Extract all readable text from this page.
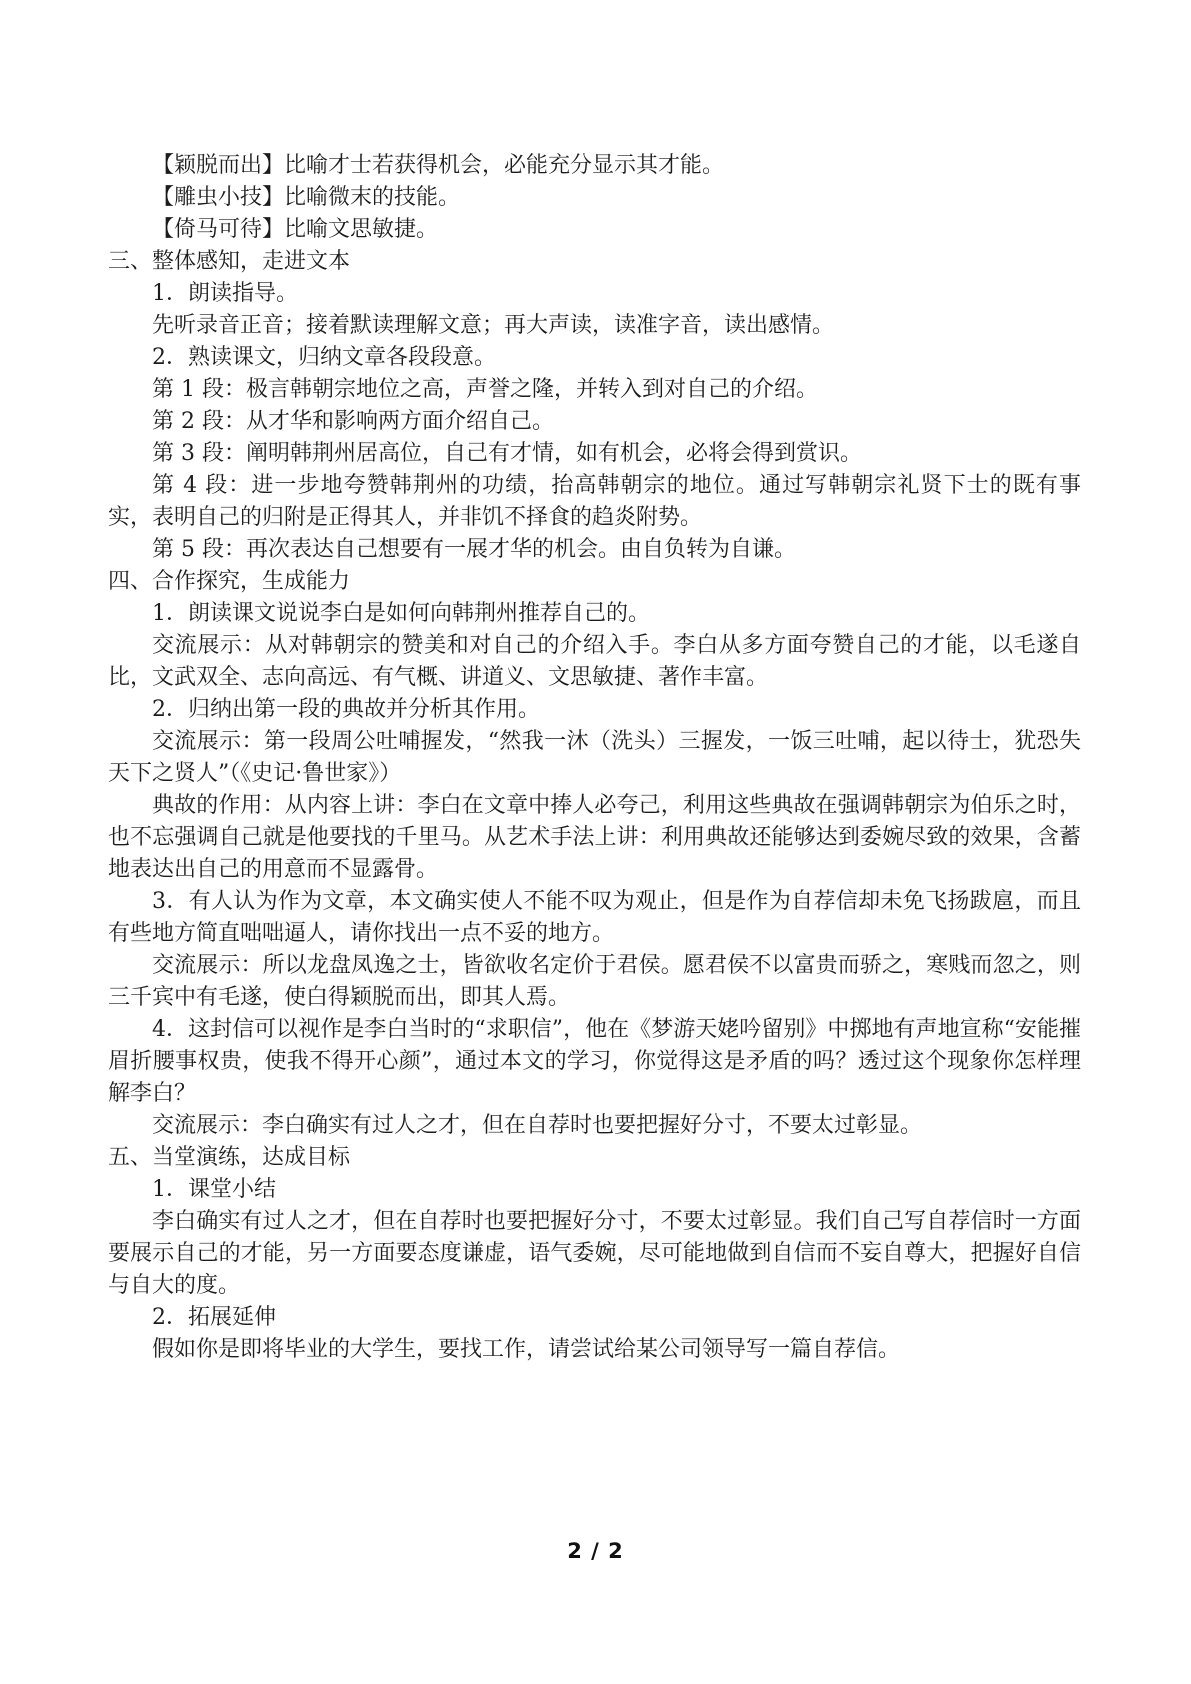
【颖脱而出】比喻才士若获得机会，必能充分显示其才能。

【雕虫小技】比喻微末的技能。

【倚马可待】比喻文思敏捷。

三、整体感知，走进文本

1．朗读指导。

先听录音正音；接着默读理解文意；再大声读，读准字音，读出感情。

2．熟读课文，归纳文章各段段意。

第 1 段：极言韩朝宗地位之高，声誉之隆，并转入到对自己的介绍。

第 2 段：从才华和影响两方面介绍自己。

第 3 段：阐明韩荆州居高位，自己有才情，如有机会，必将会得到赏识。

第 4 段：进一步地夸赞韩荆州的功绩，抬高韩朝宗的地位。通过写韩朝宗礼贤下士的既有事实，表明自己的归附是正得其人，并非饥不择食的趋炎附势。

第 5 段：再次表达自己想要有一展才华的机会。由自负转为自谦。

四、合作探究，生成能力

1．朗读课文说说李白是如何向韩荆州推荐自己的。

交流展示：从对韩朝宗的赞美和对自己的介绍入手。李白从多方面夸赞自己的才能，以毛遂自比，文武双全、志向高远、有气概、讲道义、文思敏捷、著作丰富。

2．归纳出第一段的典故并分析其作用。

交流展示：第一段周公吐哺握发，“然我一沐（洗头）三握发，一饭三吐哺，起以待士，犹恐失天下之贤人”（《史记·鲁世家》）

典故的作用：从内容上讲：李白在文章中捧人必夸己，利用这些典故在强调韩朝宗为伯乐之时，也不忘强调自己就是他要找的千里马。从艺术手法上讲：利用典故还能够达到委婉尽致的效果，含蓄地表达出自己的用意而不显露骨。

3．有人认为作为文章，本文确实使人不能不叹为观止，但是作为自荐信却未免飞扬跋扈，而且有些地方简直咄咄逼人，请你找出一点不妥的地方。

交流展示：所以龙盘凤逸之士，皆欲收名定价于君侯。愿君侯不以富贵而骄之，寒贱而忽之，则三千宾中有毛遂，使白得颖脱而出，即其人焉。

4．这封信可以视作是李白当时的“求职信”，他在《梦游天姥吟留别》中掷地有声地宣称“安能摧眉折腰事权贵，使我不得开心颜”，通过本文的学习，你觉得这是矛盾的吗？透过这个现象你怎样理解李白？

交流展示：李白确实有过人之才，但在自荐时也要把握好分寸，不要太过彰显。

五、当堂演练，达成目标

1．课堂小结

李白确实有过人之才，但在自荐时也要把握好分寸，不要太过彰显。我们自己写自荐信时一方面要展示自己的才能，另一方面要态度谦虚，语气委婉，尽可能地做到自信而不妄自尊大，把握好自信与自大的度。

2．拓展延伸

假如你是即将毕业的大学生，要找工作，请尝试给某公司领导写一篇自荐信。

2 / 2
